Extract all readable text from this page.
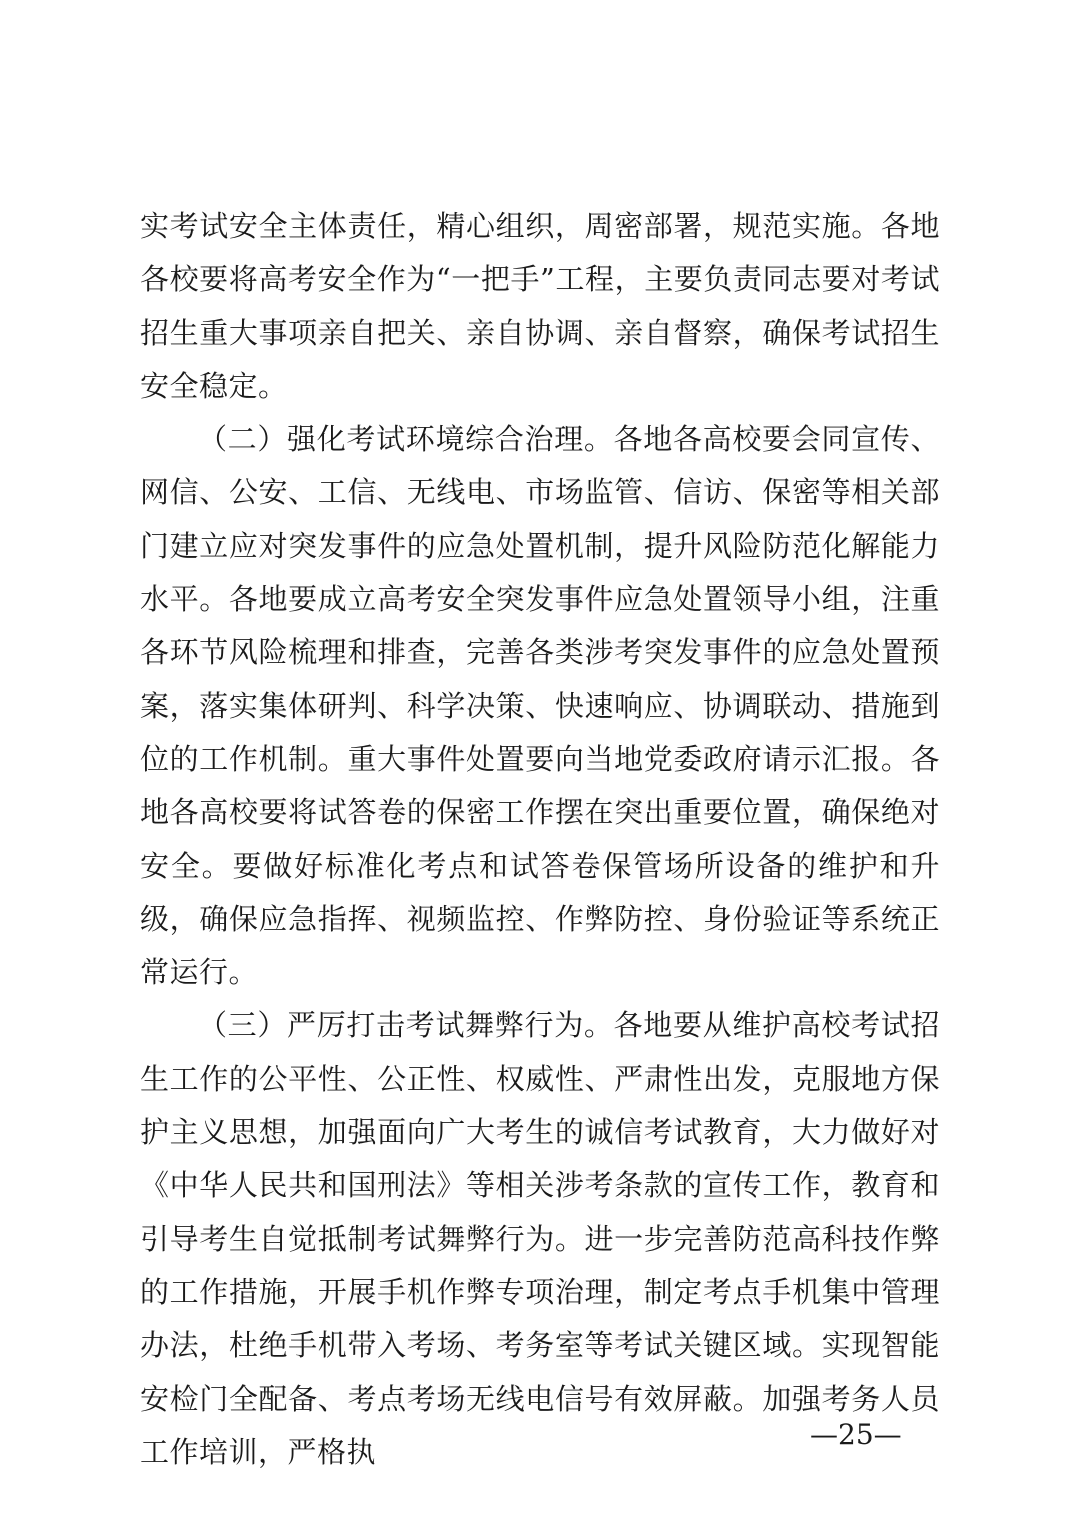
实考试安全主体责任，精心组织，周密部署，规范实施。各地各校要将高考安全作为“一把手”工程，主要负责同志要对考试招生重大事项亲自把关、亲自协调、亲自督察，确保考试招生安全稳定。

（二）强化考试环境综合治理。各地各高校要会同宣传、网信、公安、工信、无线电、市场监管、信访、保密等相关部门建立应对突发事件的应急处置机制，提升风险防范化解能力水平。各地要成立高考安全突发事件应急处置领导小组，注重各环节风险梳理和排查，完善各类涉考突发事件的应急处置预案，落实集体研判、科学决策、快速响应、协调联动、措施到位的工作机制。重大事件处置要向当地党委政府请示汇报。各地各高校要将试答卷的保密工作摆在突出重要位置，确保绝对安全。要做好标准化考点和试答卷保管场所设备的维护和升级，确保应急指挥、视频监控、作弊防控、身份验证等系统正常运行。

（三）严厉打击考试舞弊行为。各地要从维护高校考试招生工作的公平性、公正性、权威性、严肃性出发，克服地方保护主义思想，加强面向广大考生的诚信考试教育，大力做好对《中华人民共和国刑法》等相关涉考条款的宣传工作，教育和引导考生自觉抵制考试舞弊行为。进一步完善防范高科技作弊的工作措施，开展手机作弊专项治理，制定考点手机集中管理办法，杜绝手机带入考场、考务室等考试关键区域。实现智能安检门全配备、考点考场无线电信号有效屏蔽。加强考务人员工作培训，严格执

—25—
